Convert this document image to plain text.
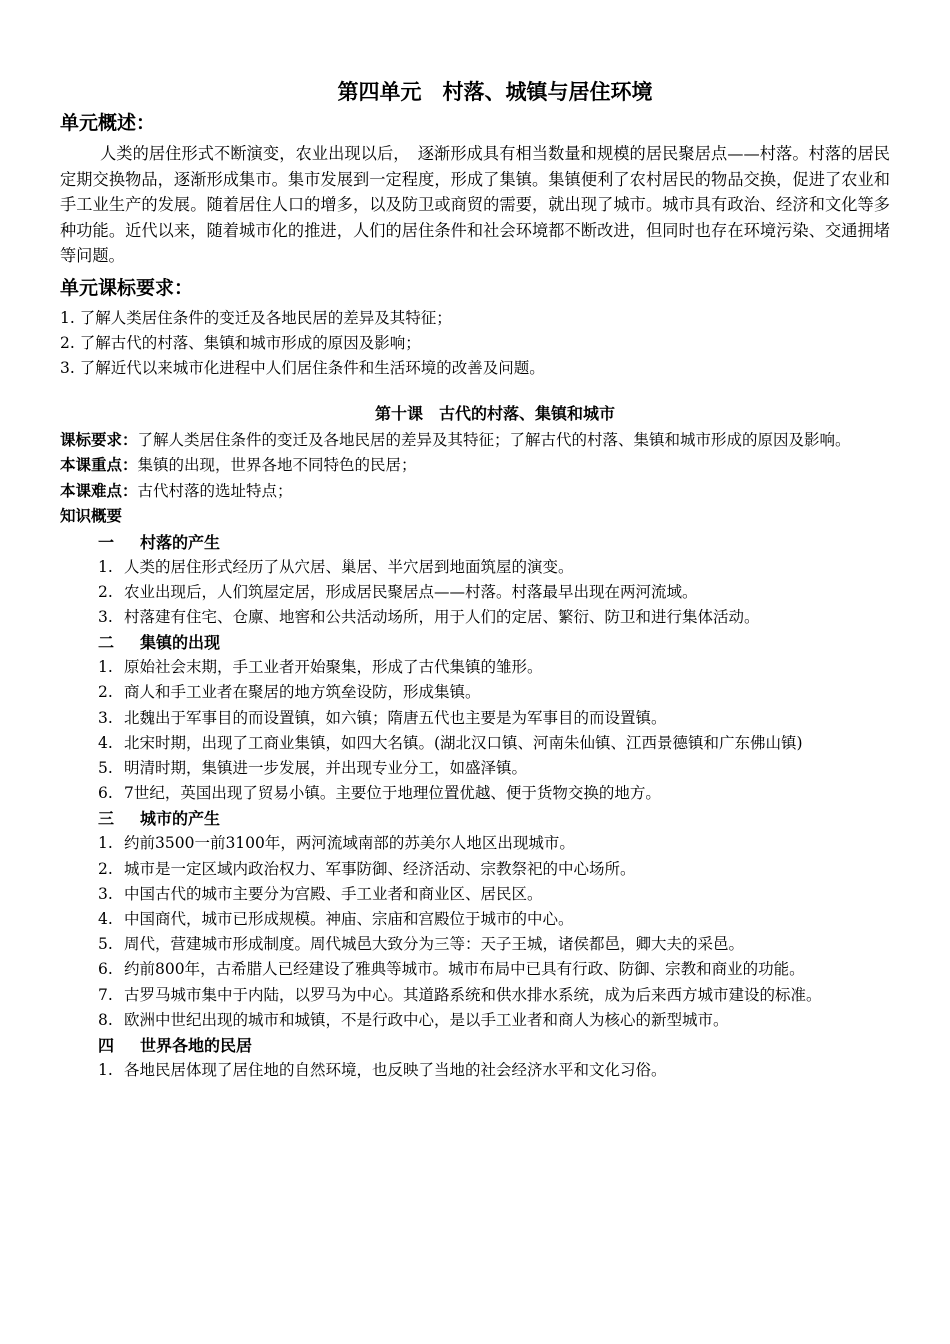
第四单元　村落、城镇与居住环境
单元概述：

人类的居住形式不断演变，农业出现以后，　逐渐形成具有相当数量和规模的居民聚居点——村落。村落的居民定期交换物品，逐渐形成集市。集市发展到一定程度，形成了集镇。集镇便利了农村居民的物品交换，促进了农业和手工业生产的发展。随着居住人口的增多，以及防卫或商贸的需要，就出现了城市。城市具有政治、经济和文化等多种功能。近代以来，随着城市化的推进，人们的居住条件和社会环境都不断改进，但同时也存在环境污染、交通拥堵等问题。

单元课标要求：

1. 了解人类居住条件的变迁及各地民居的差异及其特征；

2. 了解古代的村落、集镇和城市形成的原因及影响；

3. 了解近代以来城市化进程中人们居住条件和生活环境的改善及问题。

第十课　古代的村落、集镇和城市

课标要求：了解人类居住条件的变迁及各地民居的差异及其特征；了解古代的村落、集镇和城市形成的原因及影响。

本课重点：集镇的出现，世界各地不同特色的民居；

本课难点：古代村落的选址特点；

知识概要

一 村落的产生

1. 人类的居住形式经历了从穴居、巢居、半穴居到地面筑屋的演变。

2. 农业出现后，人们筑屋定居，形成居民聚居点——村落。村落最早出现在两河流域。

3. 村落建有住宅、仓廪、地窖和公共活动场所，用于人们的定居、繁衍、防卫和进行集体活动。

二 集镇的出现

1. 原始社会末期，手工业者开始聚集，形成了古代集镇的雏形。

2. 商人和手工业者在聚居的地方筑垒设防，形成集镇。

3. 北魏出于军事目的而设置镇，如六镇；隋唐五代也主要是为军事目的而设置镇。

4. 北宋时期，出现了工商业集镇，如四大名镇。(湖北汉口镇、河南朱仙镇、江西景德镇和广东佛山镇)

5. 明清时期，集镇进一步发展，并出现专业分工，如盛泽镇。

6. 7世纪，英国出现了贸易小镇。主要位于地理位置优越、便于货物交换的地方。

三 城市的产生

1. 约前3500一前3100年，两河流域南部的苏美尔人地区出现城市。

2. 城市是一定区域内政治权力、军事防御、经济活动、宗教祭祀的中心场所。

3. 中国古代的城市主要分为宫殿、手工业者和商业区、居民区。

4. 中国商代，城市已形成规模。神庙、宗庙和宫殿位于城市的中心。

5. 周代，营建城市形成制度。周代城邑大致分为三等：天子王城，诸侯都邑，卿大夫的采邑。

6. 约前800年，古希腊人已经建设了雅典等城市。城市布局中已具有行政、防御、宗教和商业的功能。

7. 古罗马城市集中于内陆，以罗马为中心。其道路系统和供水排水系统，成为后来西方城市建设的标准。

8. 欧洲中世纪出现的城市和城镇，不是行政中心，是以手工业者和商人为核心的新型城市。

四 世界各地的民居

1. 各地民居体现了居住地的自然环境，也反映了当地的社会经济水平和文化习俗。
